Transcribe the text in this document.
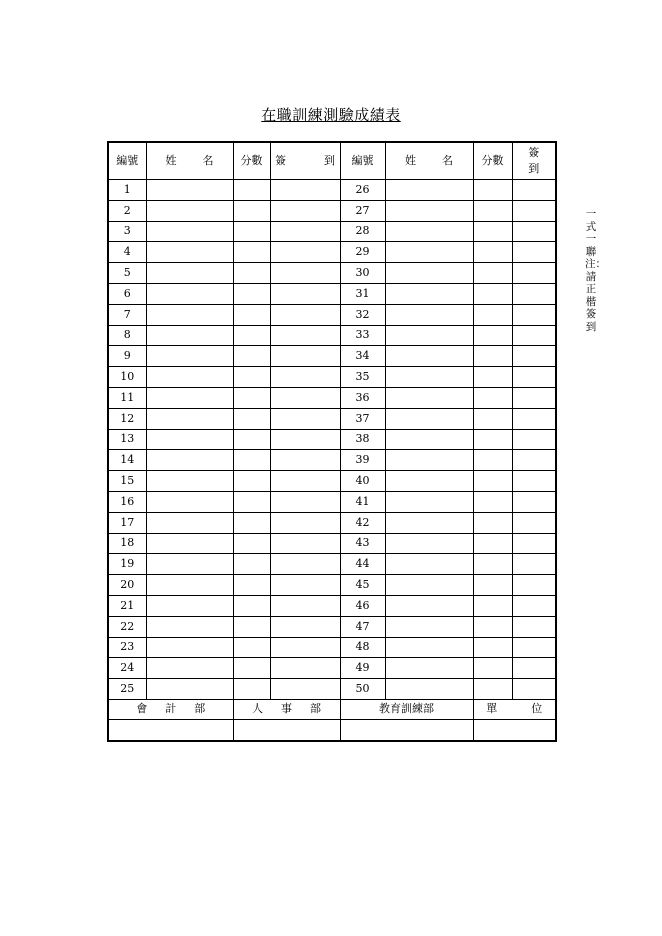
在職訓練測驗成績表
編號	姓 名	分數	簽 到	編號	姓 名	分數	簽
到
1				26			
2				27			
3				28			
4				29			
5				30			
6				31			
7				32			
8				33			
9				34			
10				35			
11				36			
12				37			
13				38			
14				39			
15				40			
16				41			
17				42			
18				43			
19				44			
20				45			
21				46			
22				47			
23				48			
24				49			
25				50			
會 計 部		人 事 部		教育訓練部		單 位	

一式一聯 注：請正楷簽到
